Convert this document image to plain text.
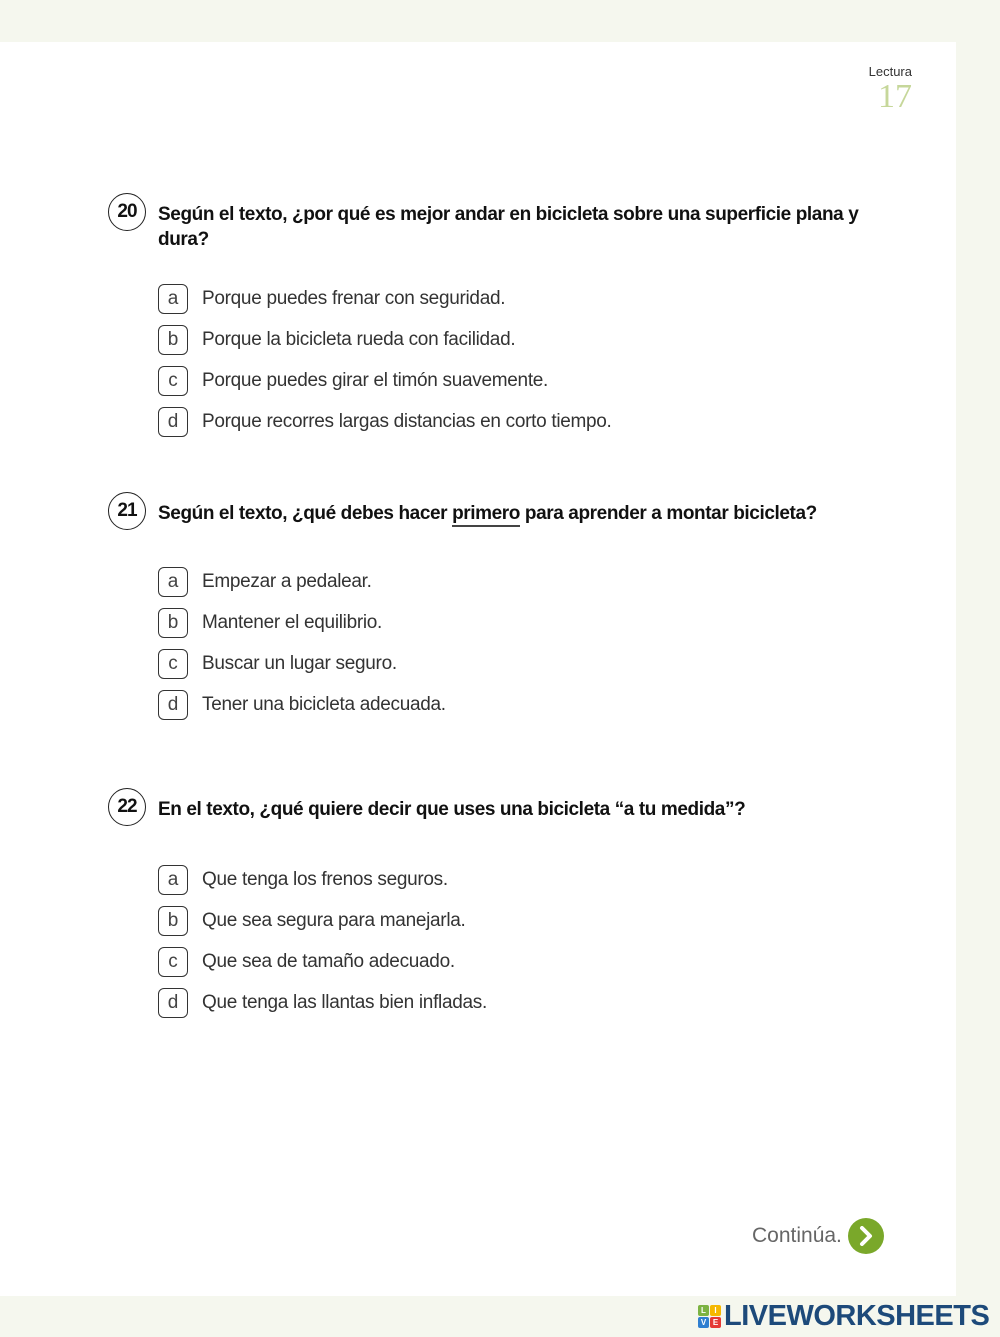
Lectura
17
20	Según el texto, ¿por qué es mejor andar en bicicleta sobre una superficie plana y dura?
a	Porque puedes frenar con seguridad.
b	Porque la bicicleta rueda con facilidad.
c	Porque puedes girar el timón suavemente.
d	Porque recorres largas distancias en corto tiempo.
21	Según el texto, ¿qué debes hacer primero para aprender a montar bicicleta?
a	Empezar a pedalear.
b	Mantener el equilibrio.
c	Buscar un lugar seguro.
d	Tener una bicicleta adecuada.
22	En el texto, ¿qué quiere decir que uses una bicicleta “a tu medida”?
a	Que tenga los frenos seguros.
b	Que sea segura para manejarla.
c	Que sea de tamaño adecuado.
d	Que tenga las llantas bien infladas.
Continúa.
L	I
V E LIVEWORKSHEETS
